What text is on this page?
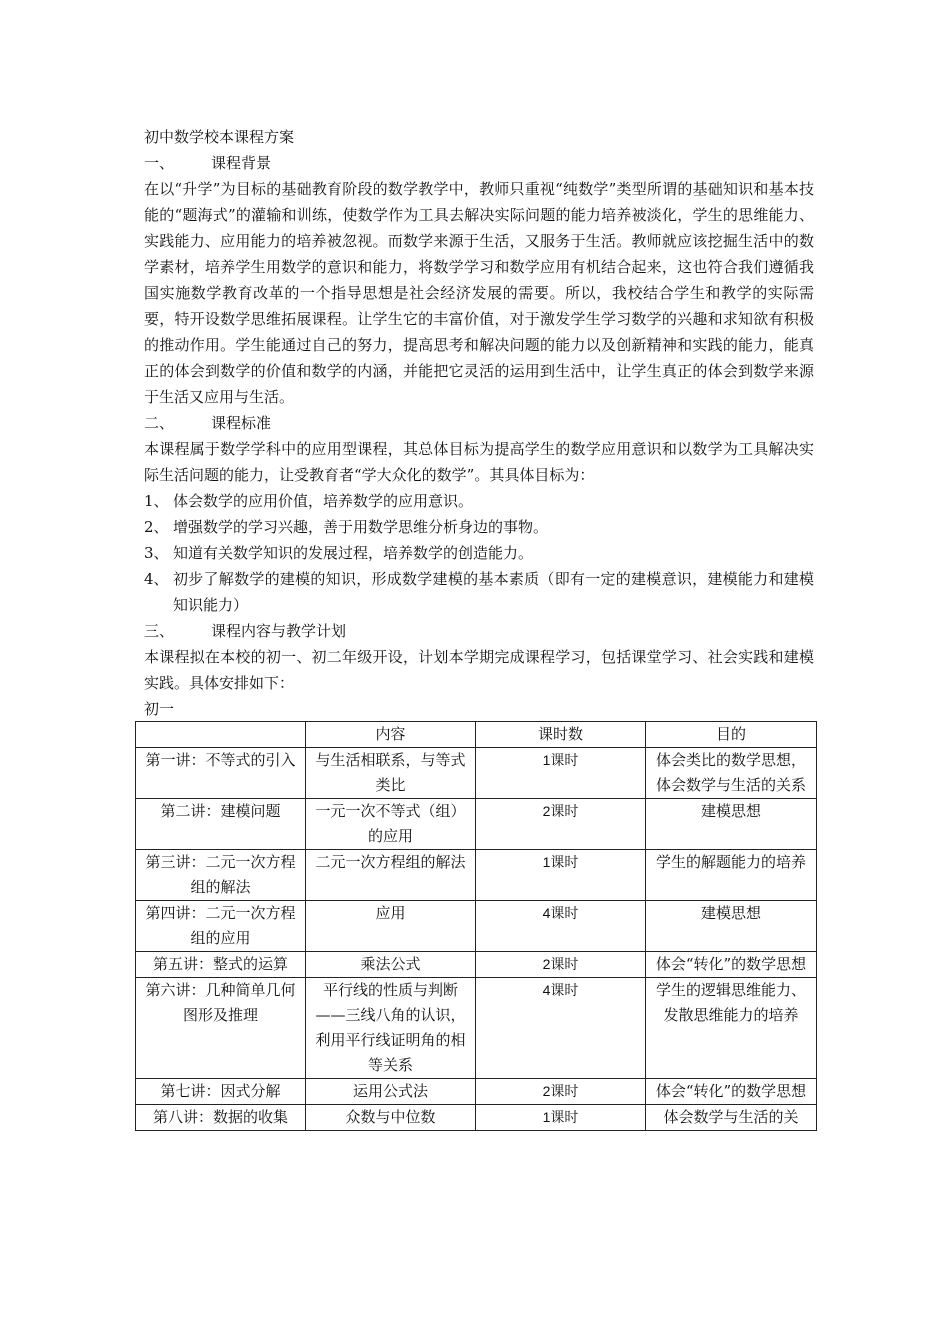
初中数学校本课程方案

一、	课程背景

在以“升学”为目标的基础教育阶段的数学教学中，教师只重视“纯数学”类型所谓的基础知识和基本技能的“题海式”的灌输和训练，使数学作为工具去解决实际问题的能力培养被淡化，学生的思维能力、实践能力、应用能力的培养被忽视。而数学来源于生活，又服务于生活。教师就应该挖掘生活中的数学素材，培养学生用数学的意识和能力，将数学学习和数学应用有机结合起来，这也符合我们遵循我国实施数学教育改革的一个指导思想是社会经济发展的需要。所以，我校结合学生和教学的实际需要，特开设数学思维拓展课程。让学生它的丰富价值，对于激发学生学习数学的兴趣和求知欲有积极的推动作用。学生能通过自己的努力，提高思考和解决问题的能力以及创新精神和实践的能力，能真正的体会到数学的价值和数学的内涵，并能把它灵活的运用到生活中，让学生真正的体会到数学来源于生活又应用与生活。

二、	课程标准

本课程属于数学学科中的应用型课程，其总体目标为提高学生的数学应用意识和以数学为工具解决实际生活问题的能力，让受教育者“学大众化的数学”。其具体目标为：

1、 体会数学的应用价值，培养数学的应用意识。

2、 增强数学的学习兴趣，善于用数学思维分析身边的事物。

3、 知道有关数学知识的发展过程，培养数学的创造能力。

4、 初步了解数学的建模的知识，形成数学建模的基本素质（即有一定的建模意识，建模能力和建模知识能力）

三、	课程内容与教学计划

本课程拟在本校的初一、初二年级开设，计划本学期完成课程学习，包括课堂学习、社会实践和建模实践。具体安排如下：

初一

	内容	课时数	目的
第一讲：不等式的引入	与生活相联系，与等式类比	1课时	体会类比的数学思想，体会数学与生活的关系
第二讲：建模问题	一元一次不等式（组）的应用	2课时	建模思想
第三讲：二元一次方程组的解法	二元一次方程组的解法	1课时	学生的解题能力的培养
第四讲：二元一次方程组的应用	应用	4课时	建模思想
第五讲：整式的运算	乘法公式	2课时	体会“转化”的数学思想
第六讲：几种简单几何图形及推理	平行线的性质与判断——三线八角的认识，利用平行线证明角的相等关系	4课时	学生的逻辑思维能力、发散思维能力的培养
第七讲：因式分解	运用公式法	2课时	体会“转化”的数学思想
第八讲：数据的收集	众数与中位数	1课时	体会数学与生活的关
